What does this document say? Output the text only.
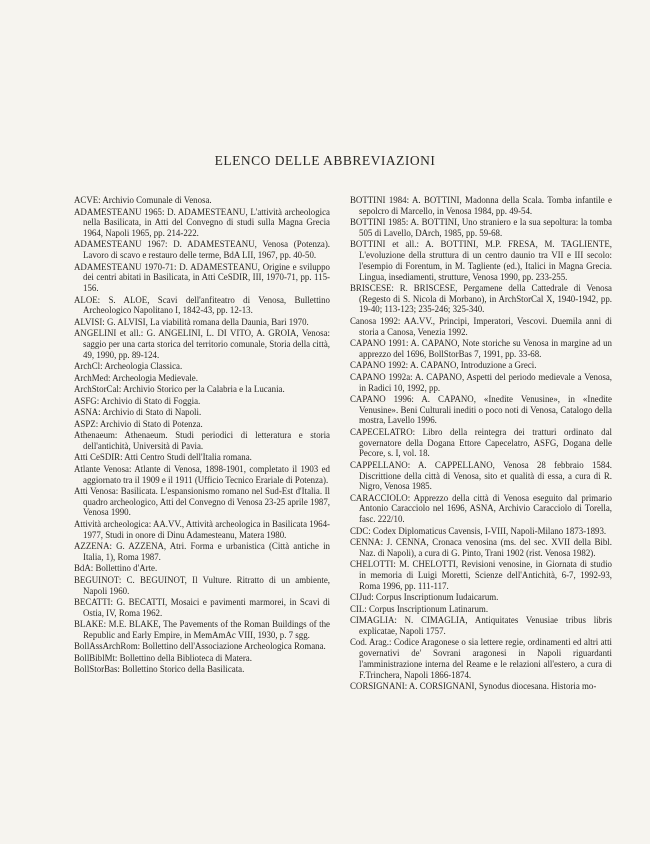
ELENCO DELLE ABBREVIAZIONI

ACVE: Archivio Comunale di Venosa.

ADAMESTEANU 1965: D. ADAMESTEANU, L'attività archeologica nella Basilicata, in Atti del Convegno di studi sulla Magna Grecia 1964, Napoli 1965, pp. 214-222.

ADAMESTEANU 1967: D. ADAMESTEANU, Venosa (Potenza). Lavoro di scavo e restauro delle terme, BdA LII, 1967, pp. 40-50.

ADAMESTEANU 1970-71: D. ADAMESTEANU, Origine e sviluppo dei centri abitati in Basilicata, in Atti CeSDIR, III, 1970-71, pp. 115-156.

ALOE: S. ALOE, Scavi dell'anfiteatro di Venosa, Bullettino Archeologico Napolitano I, 1842-43, pp. 12-13.

ALVISI: G. ALVISI, La viabilità romana della Daunia, Bari 1970.

ANGELINI et all.: G. ANGELINI, L. DI VITO, A. GROIA, Venosa: saggio per una carta storica del territorio comunale, Storia della città, 49, 1990, pp. 89-124.

ArchCl: Archeologia Classica.

ArchMed: Archeologia Medievale.

ArchStorCal: Archivio Storico per la Calabria e la Lucania.

ASFG: Archivio di Stato di Foggia.

ASNA: Archivio di Stato di Napoli.

ASPZ: Archivio di Stato di Potenza.

Athenaeum: Athenaeum. Studi periodici di letteratura e storia dell'antichità, Università di Pavia.

Atti CeSDIR: Atti Centro Studi dell'Italia romana.

Atlante Venosa: Atlante di Venosa, 1898-1901, completato il 1903 ed aggiornato tra il 1909 e il 1911 (Ufficio Tecnico Erariale di Potenza).

Atti Venosa: Basilicata. L'espansionismo romano nel Sud-Est d'Italia. Il quadro archeologico, Atti del Convegno di Venosa 23-25 aprile 1987, Venosa 1990.

Attività archeologica: AA.VV., Attività archeologica in Basilicata 1964-1977, Studi in onore di Dinu Adamesteanu, Matera 1980.

AZZENA: G. AZZENA, Atri. Forma e urbanistica (Città antiche in Italia, 1), Roma 1987.

BdA: Bollettino d'Arte.

BEGUINOT: C. BEGUINOT, Il Vulture. Ritratto di un ambiente, Napoli 1960.

BECATTI: G. BECATTI, Mosaici e pavimenti marmorei, in Scavi di Ostia, IV, Roma 1962.

BLAKE: M.E. BLAKE, The Pavements of the Roman Buildings of the Republic and Early Empire, in MemAmAc VIII, 1930, p. 7 sgg.

BollAssArchRom: Bollettino dell'Associazione Archeologica Romana.

BollBiblMt: Bollettino della Biblioteca di Matera.

BollStorBas: Bollettino Storico della Basilicata.

BOTTINI 1984: A. BOTTINI, Madonna della Scala. Tomba infantile e sepolcro di Marcello, in Venosa 1984, pp. 49-54.

BOTTINI 1985: A. BOTTINI, Uno straniero e la sua sepoltura: la tomba 505 di Lavello, DArch, 1985, pp. 59-68.

BOTTINI et all.: A. BOTTINI, M.P. FRESA, M. TAGLIENTE, L'evoluzione della struttura di un centro daunio tra VII e III secolo: l'esempio di Forentum, in M. Tagliente (ed.), Italici in Magna Grecia. Lingua, insediamenti, strutture, Venosa 1990, pp. 233-255.

BRISCESE: R. BRISCESE, Pergamene della Cattedrale di Venosa (Regesto di S. Nicola di Morbano), in ArchStorCal X, 1940-1942, pp. 19-40; 113-123; 235-246; 325-340.

Canosa 1992: AA.VV., Principi, Imperatori, Vescovi. Duemila anni di storia a Canosa, Venezia 1992.

CAPANO 1991: A. CAPANO, Note storiche su Venosa in margine ad un apprezzo del 1696, BollStorBas 7, 1991, pp. 33-68.

CAPANO 1992: A. CAPANO, Introduzione a Greci.

CAPANO 1992a: A. CAPANO, Aspetti del periodo medievale a Venosa, in Radici 10, 1992, pp.

CAPANO 1996: A. CAPANO, «Inedite Venusine», in «Inedite Venusine». Beni Culturali inediti o poco noti di Venosa, Catalogo della mostra, Lavello 1996.

CAPECELATRO: Libro della reintegra dei tratturi ordinato dal governatore della Dogana Ettore Capecelatro, ASFG, Dogana delle Pecore, s. I, vol. 18.

CAPPELLANO: A. CAPPELLANO, Venosa 28 febbraio 1584. Discrittione della città di Venosa, sito et qualità di essa, a cura di R. Nigro, Venosa 1985.

CARACCIOLO: Apprezzo della città di Venosa eseguito dal primario Antonio Caracciolo nel 1696, ASNA, Archivio Caracciolo di Torella, fasc. 222/10.

CDC: Codex Diplomaticus Cavensis, I-VIII, Napoli-Milano 1873-1893.

CENNA: J. CENNA, Cronaca venosina (ms. del sec. XVII della Bibl. Naz. di Napoli), a cura di G. Pinto, Trani 1902 (rist. Venosa 1982).

CHELOTTI: M. CHELOTTI, Revisioni venosine, in Giornata di studio in memoria di Luigi Moretti, Scienze dell'Antichità, 6-7, 1992-93, Roma 1996, pp. 111-117.

CIJud: Corpus Inscriptionum Iudaicarum.

CIL: Corpus Inscriptionum Latinarum.

CIMAGLIA: N. CIMAGLIA, Antiquitates Venusiae tribus libris explicatae, Napoli 1757.

Cod. Arag.: Codice Aragonese o sia lettere regie, ordinamenti ed altri atti governativi de' Sovrani aragonesi in Napoli riguardanti l'amministrazione interna del Reame e le relazioni all'estero, a cura di F.Trinchera, Napoli 1866-1874.

CORSIGNANI: A. CORSIGNANI, Synodus diocesana. Historia mo-
